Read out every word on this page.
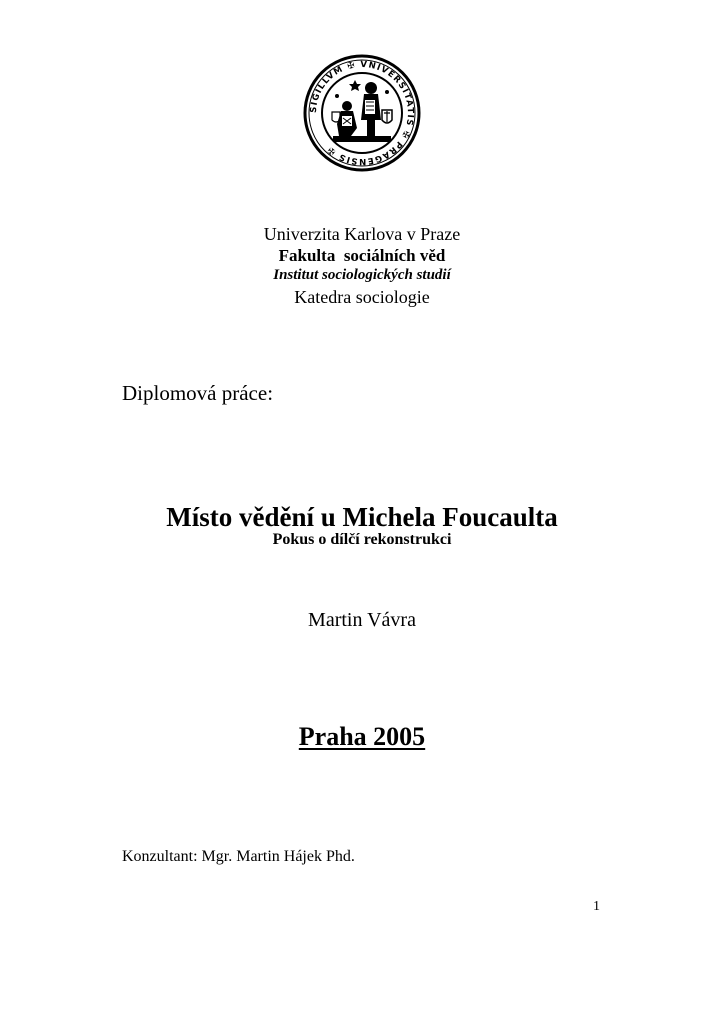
SIGILLVM ✠ VNIVERSITATIS ✠ PRAGENSIS ✠
Univerzita Karlova v Praze
Fakulta  sociálních věd
Institut sociologických studií
Katedra sociologie
Diplomová práce:
Místo vědění u Michela Foucaulta
Pokus o dílčí rekonstrukci
Martin Vávra
Praha 2005
Konzultant: Mgr. Martin Hájek Phd.
1
